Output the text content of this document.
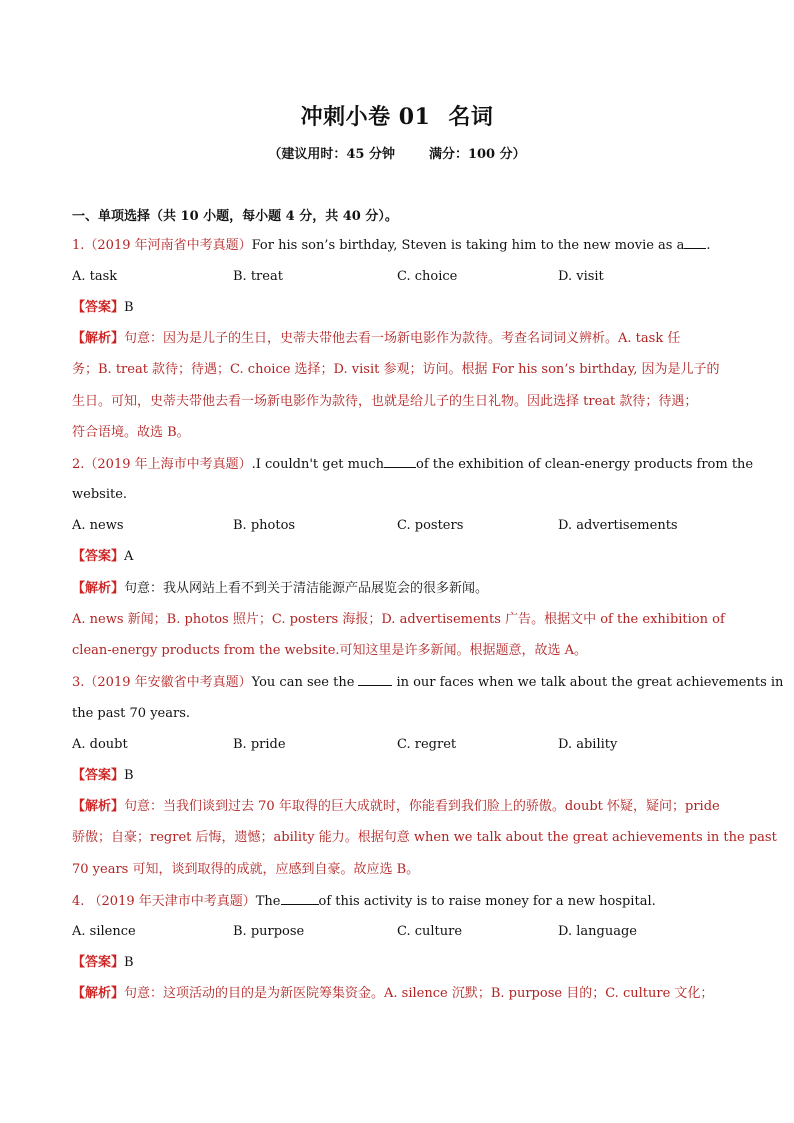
冲刺小卷 01 名词
（建议用时：45 分钟	满分：100 分）
一、单项选择（共 10 小题，每小题 4 分，共 40 分）。
1.（2019 年河南省中考真题）For his son’s birthday, Steven is taking him to the new movie as a .
A. task	B. treat	C. choice	D. visit
【答案】B
【解析】句意：因为是儿子的生日，史蒂夫带他去看一场新电影作为款待。考查名词词义辨析。A. task 任
务；B. treat 款待；待遇；C. choice 选择；D. visit 参观；访问。根据 For his son’s birthday, 因为是儿子的
生日。可知，史蒂夫带他去看一场新电影作为款待，也就是给儿子的生日礼物。因此选择 treat 款待；待遇；
符合语境。故选 B。
2.（2019 年上海市中考真题）.I couldn't get much of the exhibition of clean-energy products from the
website.
A. news	B. photos	C. posters	D. advertisements
【答案】A
【解析】句意：我从网站上看不到关于清洁能源产品展览会的很多新闻。
A. news 新闻；B. photos 照片；C. posters 海报；D. advertisements 广告。根据文中 of the exhibition of
clean-energy products from the website.可知这里是许多新闻。根据题意，故选 A。
3.（2019 年安徽省中考真题）You can see the	in our faces when we talk about the great achievements in
the past 70 years.
A. doubt	B. pride	C. regret	D. ability
【答案】B
【解析】句意：当我们谈到过去 70 年取得的巨大成就时，你能看到我们脸上的骄傲。doubt 怀疑，疑问；pride
骄傲；自豪；regret 后悔，遗憾；ability 能力。根据句意 when we talk about the great achievements in the past
70 years 可知，谈到取得的成就，应感到自豪。故应选 B。
4. （2019 年天津市中考真题）The	of this activity is to raise money for a new hospital.
A. silence	B. purpose	C. culture	D. language
【答案】B
【解析】句意：这项活动的目的是为新医院筹集资金。A. silence 沉默；B. purpose 目的；C. culture 文化；
